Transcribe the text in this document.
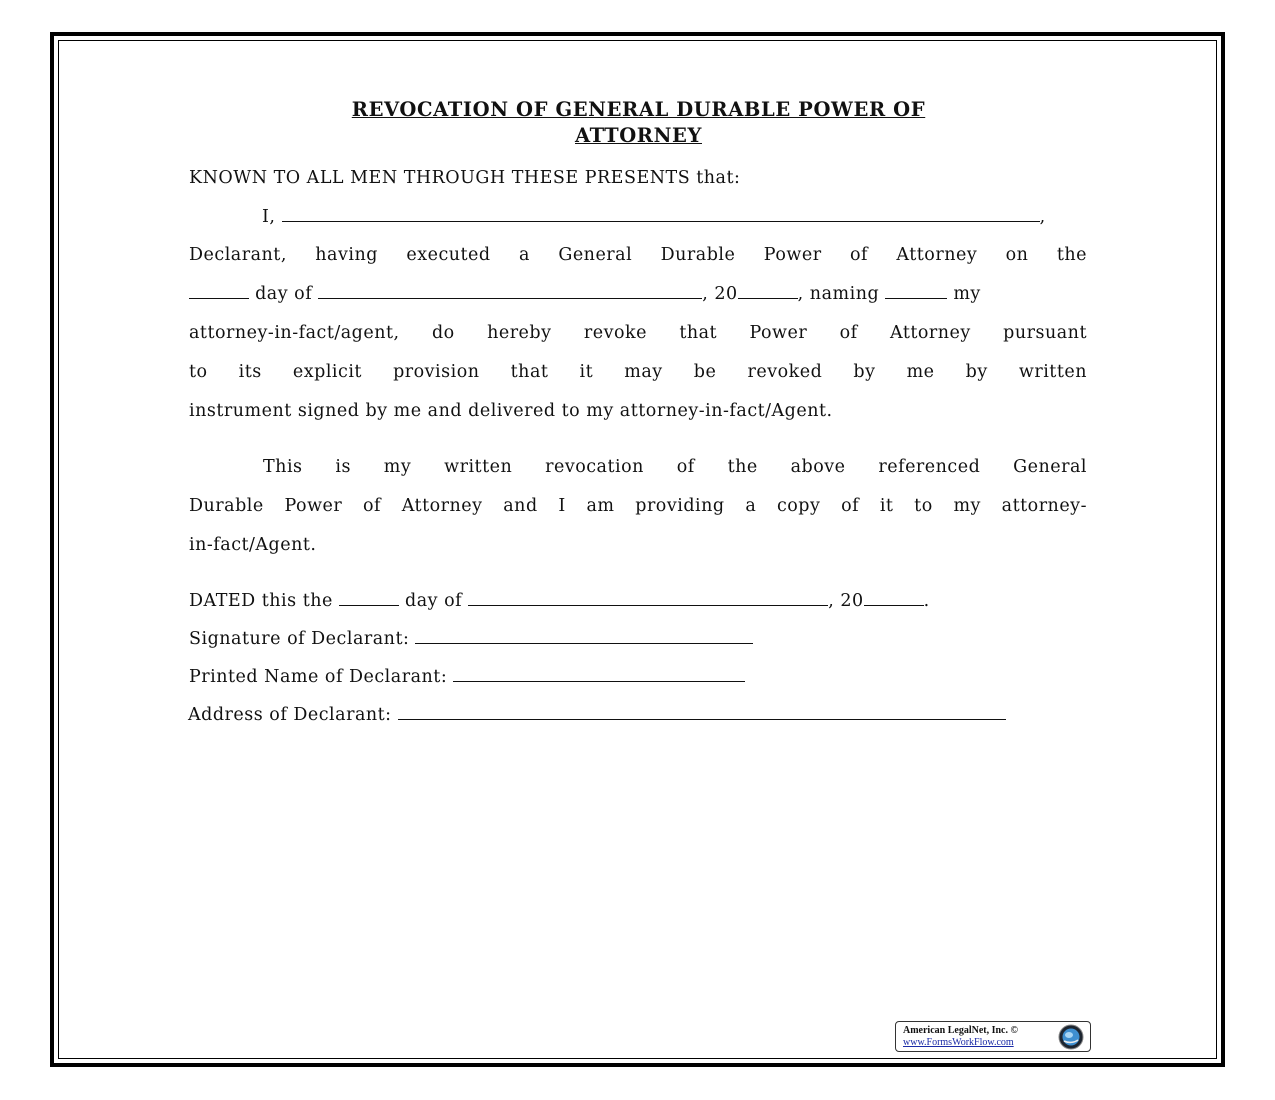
REVOCATION OF GENERAL DURABLE POWER OF
ATTORNEY
KNOWN TO ALL MEN THROUGH THESE PRESENTS that:
I,	,
Declarant, having executed a General Durable Power of Attorney on the
day of	, 20	, naming	my
attorney-in-fact/agent, do hereby revoke that Power of Attorney pursuant
to its explicit provision that it may be revoked by me by written
instrument signed by me and delivered to my attorney-in-fact/Agent.
This is my written revocation of the above referenced General
Durable Power of Attorney and I am providing a copy of it to my attorney-
in-fact/Agent.
DATED this the	day of	, 20	.
Signature of Declarant:
Printed Name of Declarant:
Address of Declarant:
American LegalNet, Inc. ©
www.FormsWorkFlow.com
